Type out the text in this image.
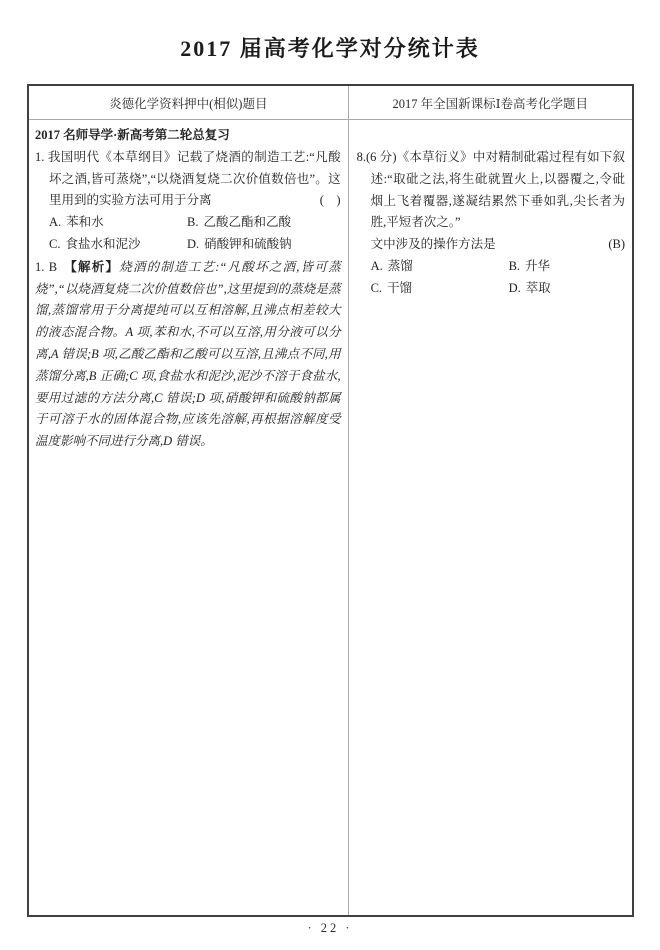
2017 届高考化学对分统计表
炎德化学资料押中(相似)题目	2017 年全国新课标Ⅰ卷高考化学题目
2017 名师导学·新高考第二轮总复习

1. 我国明代《本草纲目》记载了烧酒的制造工艺:“凡酸坏之酒,皆可蒸烧”,“以烧酒复烧二次价值数倍也”。这里用到的实验方法可用于分离	(    )

A. 苯和水	B. 乙酸乙酯和乙酸
C. 食盐水和泥沙	D. 硝酸钾和硫酸钠

1. B 【解析】烧酒的制造工艺:“凡酸坏之酒,皆可蒸烧”,“以烧酒复烧二次价值数倍也”,这里提到的蒸烧是蒸馏,蒸馏常用于分离提纯可以互相溶解,且沸点相差较大的液态混合物。A 项,苯和水,不可以互溶,用分液可以分离,A 错误;B 项,乙酸乙酯和乙酸可以互溶,且沸点不同,用蒸馏分离,B 正确;C 项,食盐水和泥沙,泥沙不溶于食盐水,要用过滤的方法分离,C 错误;D 项,硝酸钾和硫酸钠都属于可溶于水的固体混合物,应该先溶解,再根据溶解度受温度影响不同进行分离,D 错误。

8.(6 分)《本草衍义》中对精制砒霜过程有如下叙述:“取砒之法,将生砒就置火上,以器覆之,令砒烟上飞着覆器,遂凝结累然下垂如乳,尖长者为胜,平短者次之。”

文中涉及的操作方法是	(B)
A. 蒸馏	B. 升华
C. 干馏	D. 萃取
· 22 ·
